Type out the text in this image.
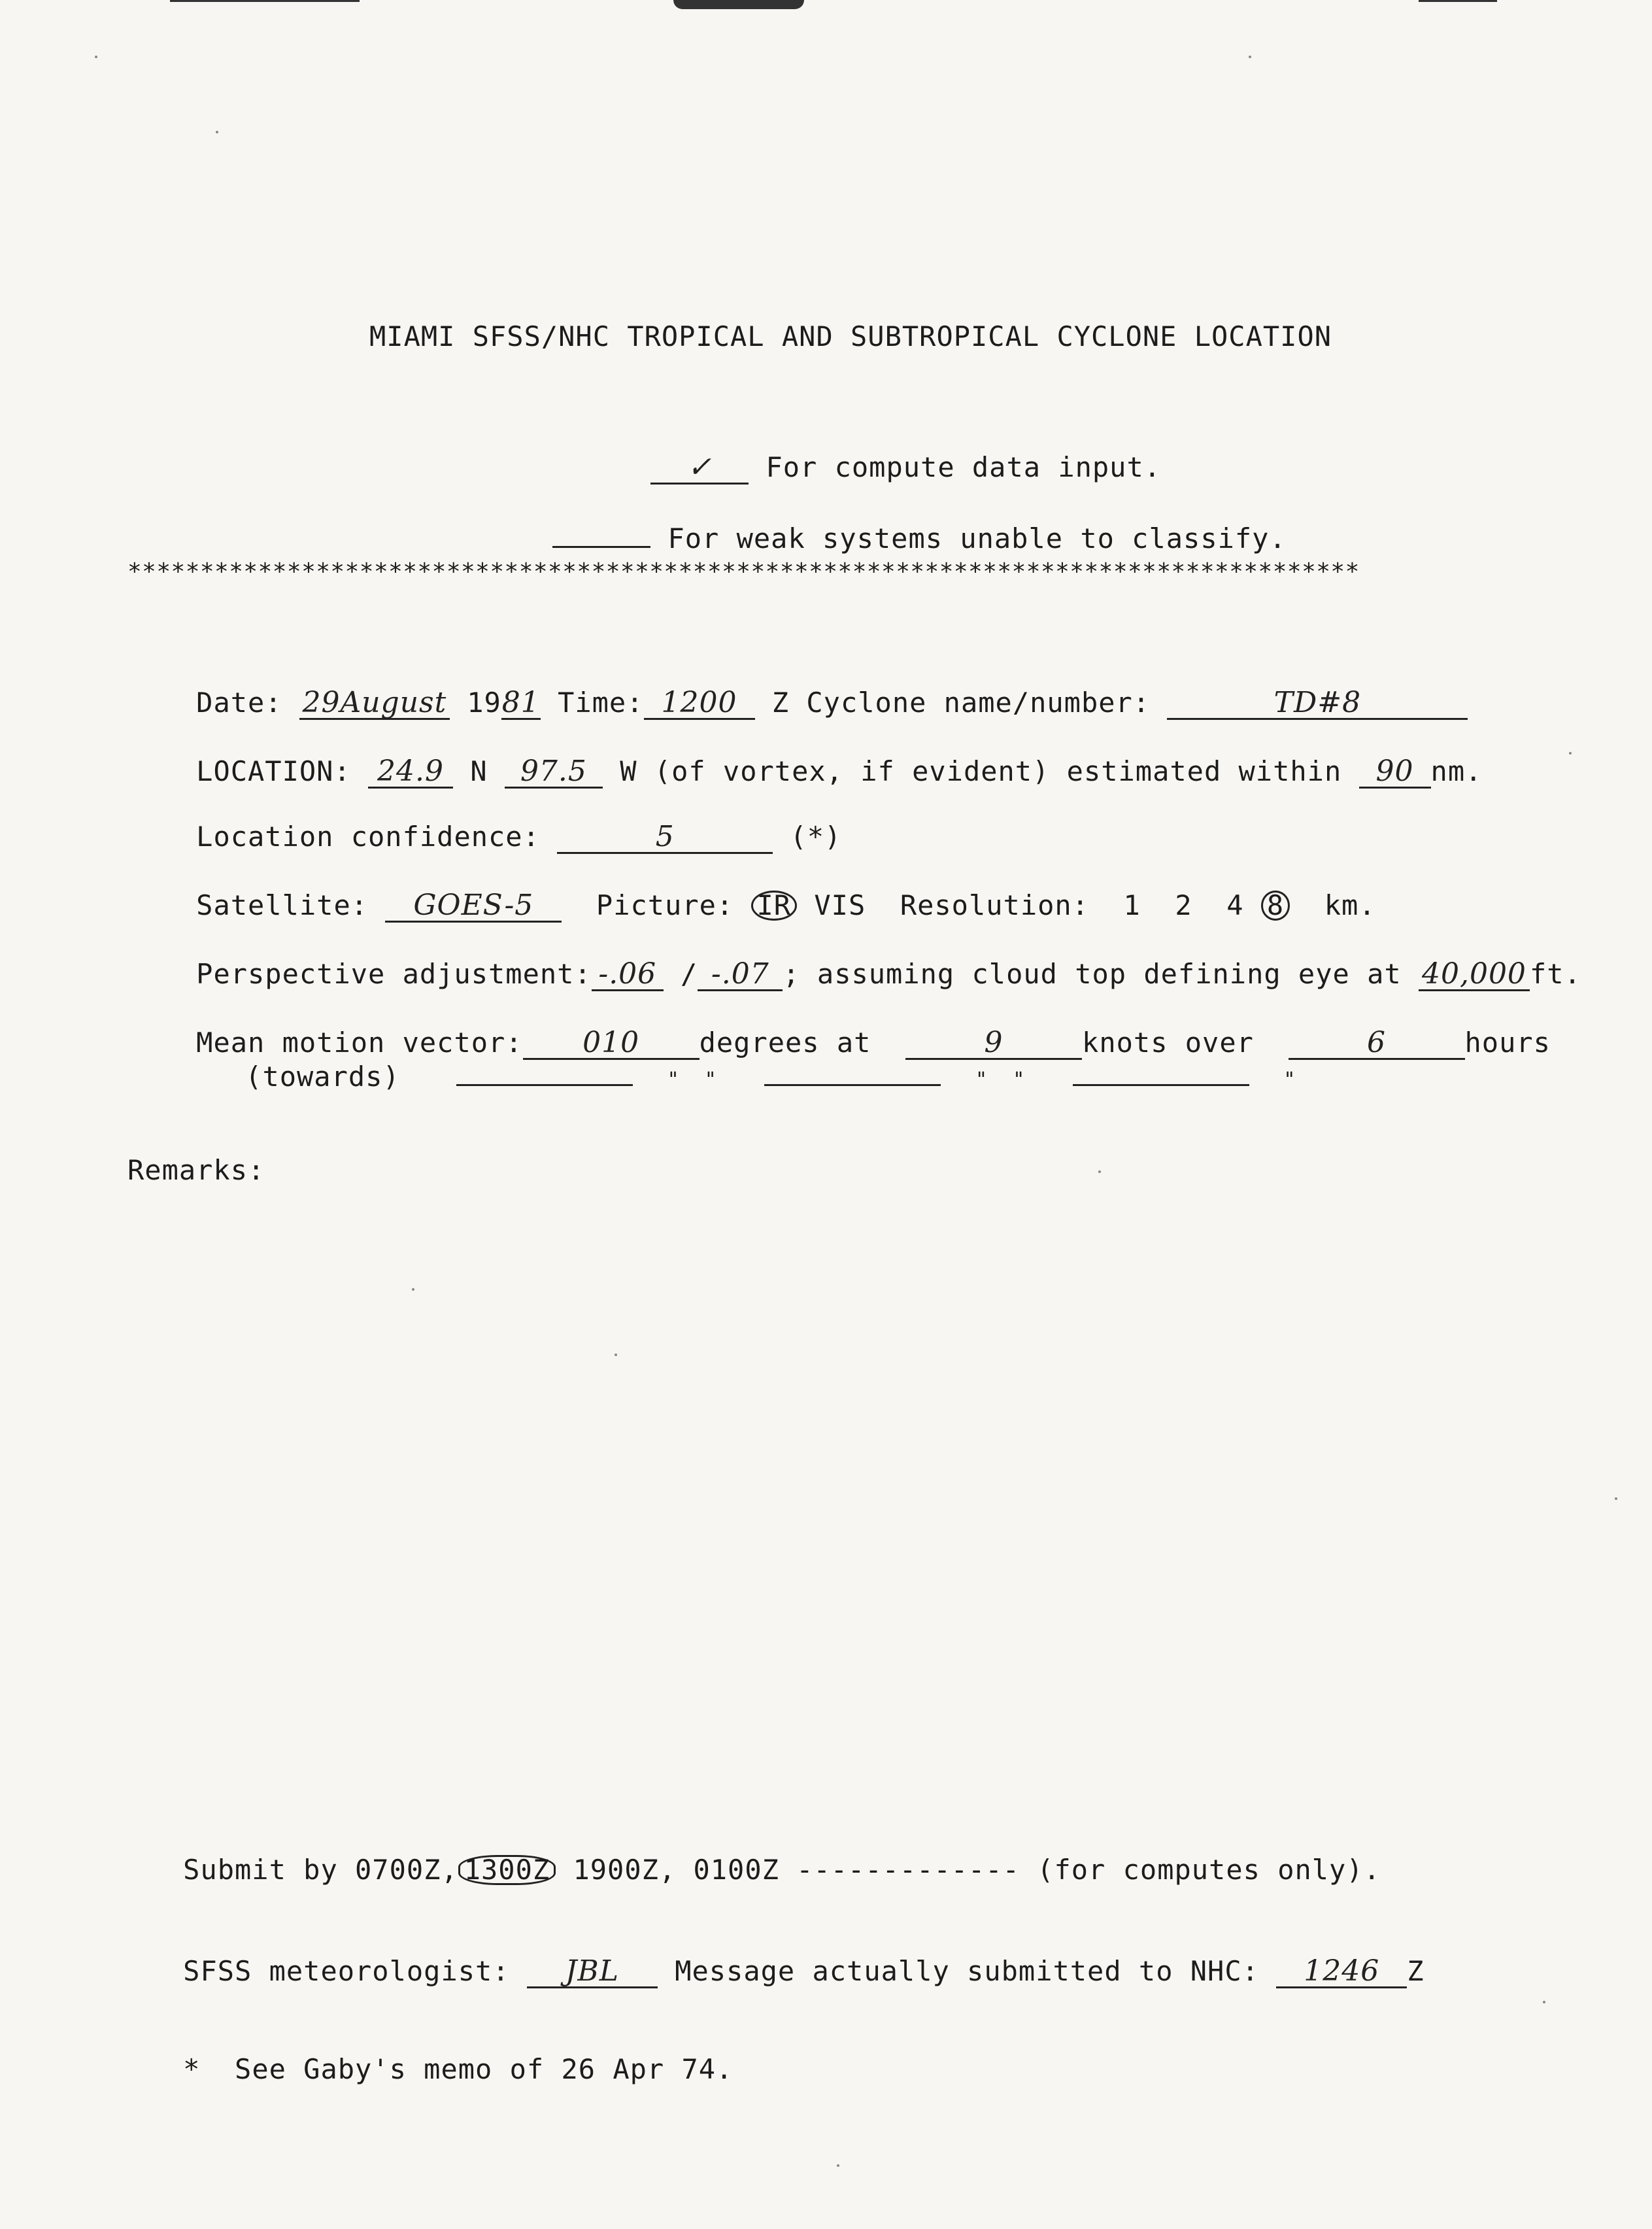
MIAMI SFSS/NHC TROPICAL AND SUBTROPICAL CYCLONE LOCATION

✓ For compute data input.

For weak systems unable to classify.

*************************************************************************************

Date: 29August 1981 Time: 1200 Z Cyclone name/number:	TD#8

LOCATION: 24.9 N 97.5 W (of vortex, if evident) estimated within 90 nm.

Location confidence:	5	(*)

Satellite: GOES-5 Picture: IR VIS Resolution: 1 2 4 8 km.

Perspective adjustment: -.06 / -.07 ; assuming cloud top defining eye at 40,000 ft.

Mean motion vector: 010 degrees at	9	knots over	6	hours

(towards)	"  "	"  "	"

Remarks:

Submit by 0700Z, 1300Z 1900Z, 0100Z ------------- (for computes only).

SFSS meteorologist: JBL Message actually submitted to NHC: 1246 Z

* See Gaby's memo of 26 Apr 74.
